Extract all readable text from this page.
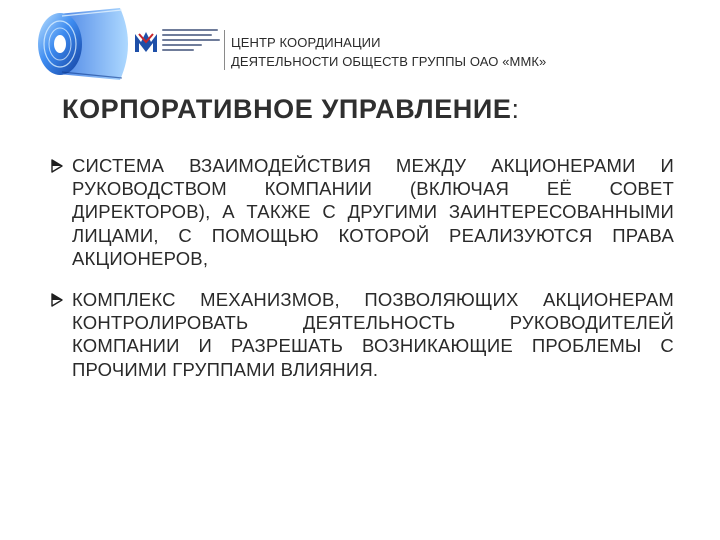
ЦЕНТР КООРДИНАЦИИ
ДЕЯТЕЛЬНОСТИ ОБЩЕСТВ ГРУППЫ ОАО «ММК»
КОРПОРАТИВНОЕ УПРАВЛЕНИЕ:
СИСТЕМА ВЗАИМОДЕЙСТВИЯ МЕЖДУ АКЦИОНЕРАМИ И РУКОВОДСТВОМ КОМПАНИИ (ВКЛЮЧАЯ ЕЁ СОВЕТ ДИРЕКТОРОВ), А ТАКЖЕ С ДРУГИМИ ЗАИНТЕРЕСОВАННЫМИ ЛИЦАМИ, С ПОМОЩЬЮ КОТОРОЙ РЕАЛИЗУЮТСЯ ПРАВА АКЦИОНЕРОВ,
КОМПЛЕКС МЕХАНИЗМОВ, ПОЗВОЛЯЮЩИХ АКЦИОНЕРАМ КОНТРОЛИРОВАТЬ ДЕЯТЕЛЬНОСТЬ РУКОВОДИТЕЛЕЙ КОМПАНИИ И РАЗРЕШАТЬ ВОЗНИКАЮЩИЕ ПРОБЛЕМЫ С ПРОЧИМИ ГРУППАМИ ВЛИЯНИЯ.
